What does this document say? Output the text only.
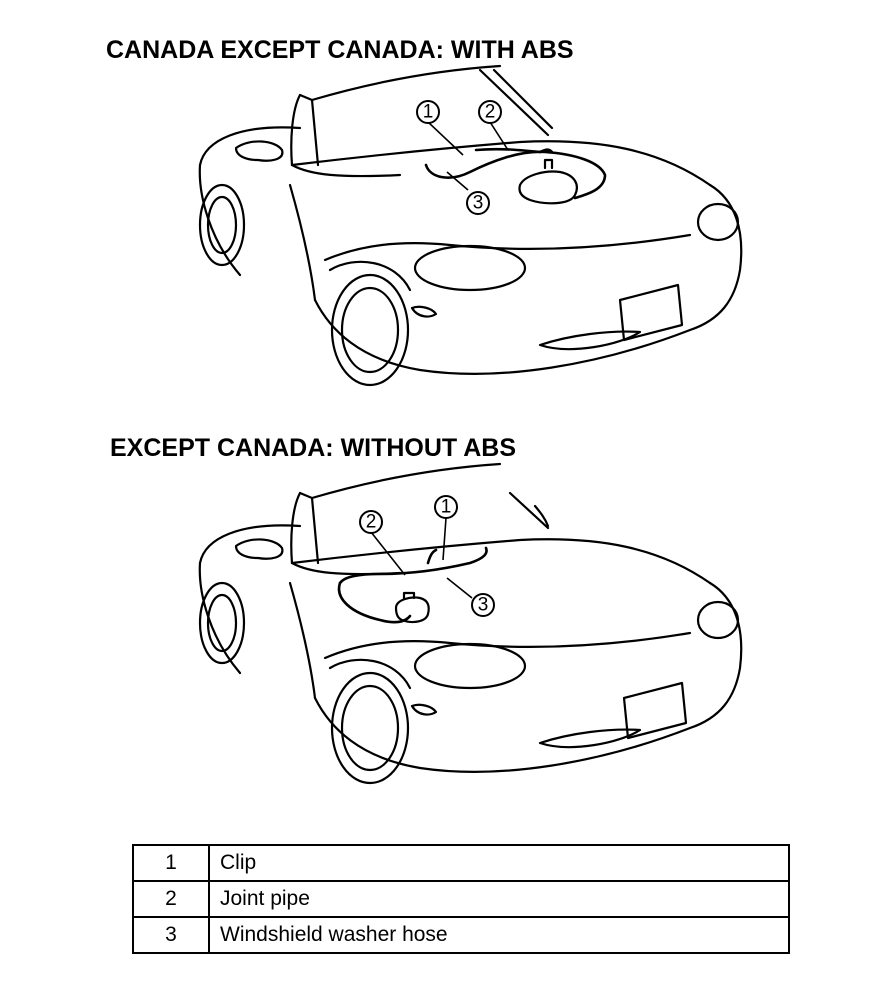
CANADA EXCEPT CANADA: WITH ABS
1	2
3
EXCEPT CANADA: WITHOUT ABS
2
1
3
1	Clip
2	Joint pipe
3	Windshield washer hose
